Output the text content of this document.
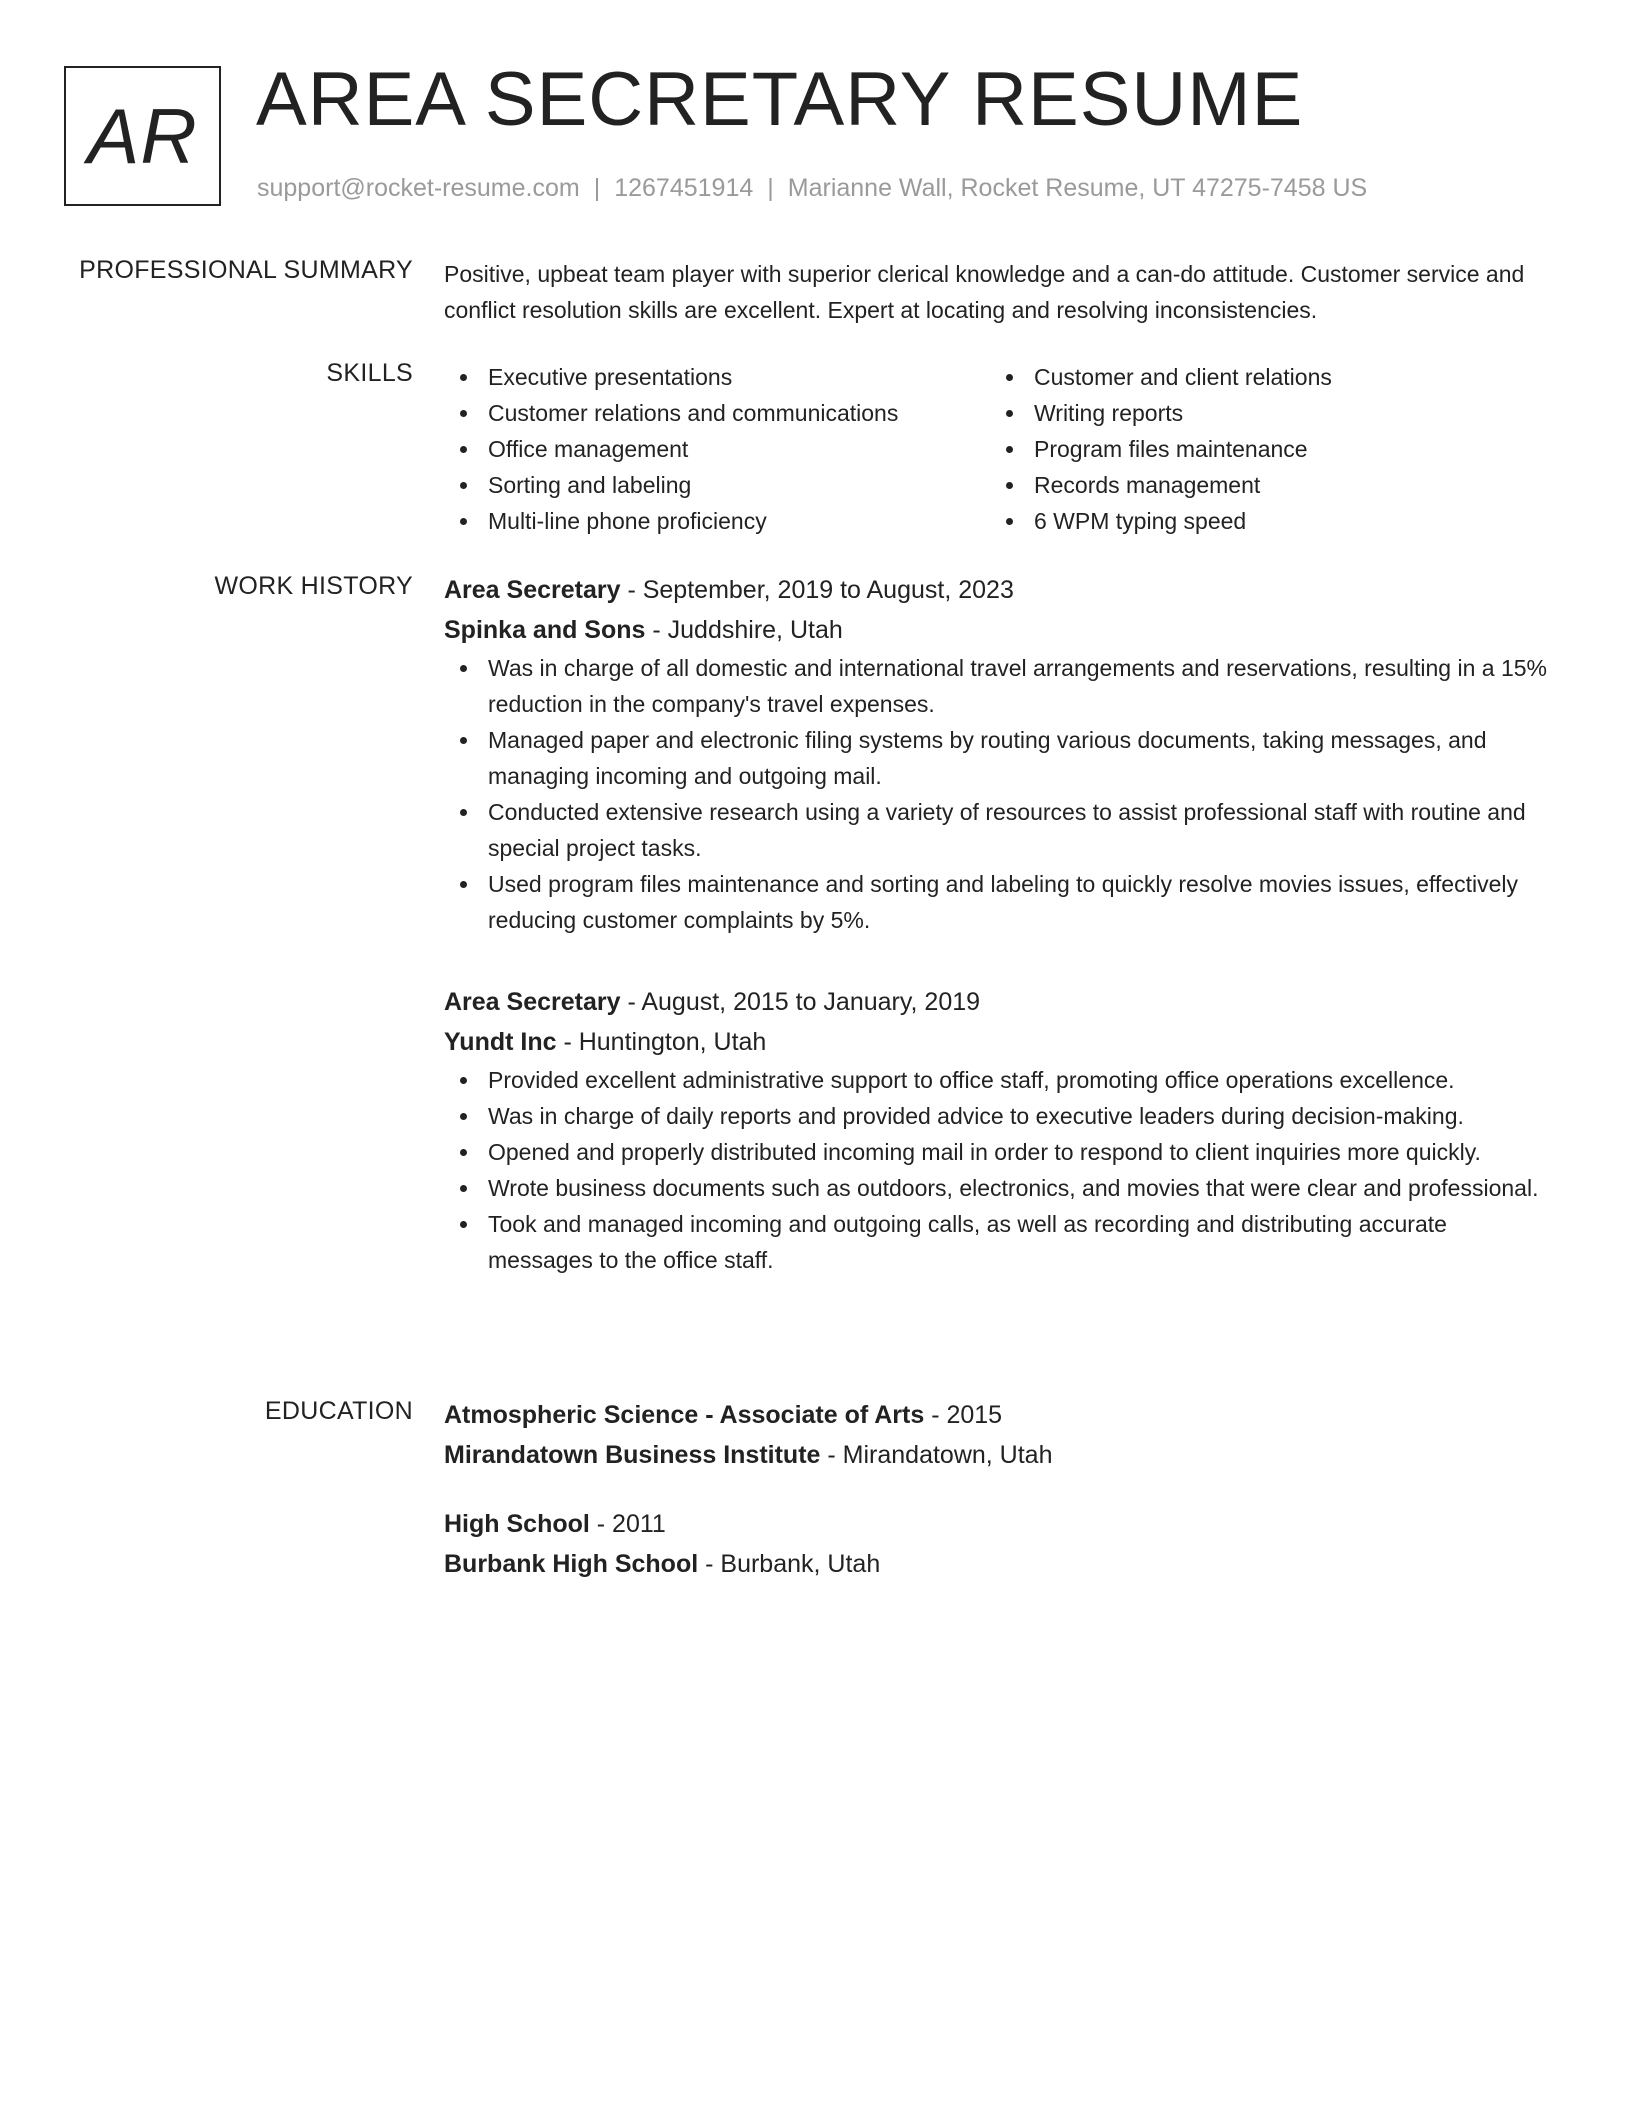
AR AREA SECRETARY RESUME
support@rocket-resume.com | 1267451914 | Marianne Wall, Rocket Resume, UT 47275-7458 US
PROFESSIONAL SUMMARY Positive, upbeat team player with superior clerical knowledge and a can-do attitude. Customer service and conflict resolution skills are excellent. Expert at locating and resolving inconsistencies.
SKILLS	Executive presentations
Customer relations and communications
Office management
Sorting and labeling
Multi-line phone proficiency
Customer and client relations
Writing reports
Program files maintenance
Records management
6 WPM typing speed
WORK HISTORY Area Secretary - September, 2019 to August, 2023
Spinka and Sons - Juddshire, Utah
Was in charge of all domestic and international travel arrangements and reservations, resulting in a 15% reduction in the company's travel expenses.
Managed paper and electronic filing systems by routing various documents, taking messages, and managing incoming and outgoing mail.
Conducted extensive research using a variety of resources to assist professional staff with routine and special project tasks.
Used program files maintenance and sorting and labeling to quickly resolve movies issues, effectively reducing customer complaints by 5%.
Area Secretary - August, 2015 to January, 2019
Yundt Inc - Huntington, Utah
Provided excellent administrative support to office staff, promoting office operations excellence.
Was in charge of daily reports and provided advice to executive leaders during decision-making.
Opened and properly distributed incoming mail in order to respond to client inquiries more quickly.
Wrote business documents such as outdoors, electronics, and movies that were clear and professional.
Took and managed incoming and outgoing calls, as well as recording and distributing accurate messages to the office staff.
EDUCATION Atmospheric Science - Associate of Arts - 2015
Mirandatown Business Institute - Mirandatown, Utah
High School - 2011
Burbank High School - Burbank, Utah
